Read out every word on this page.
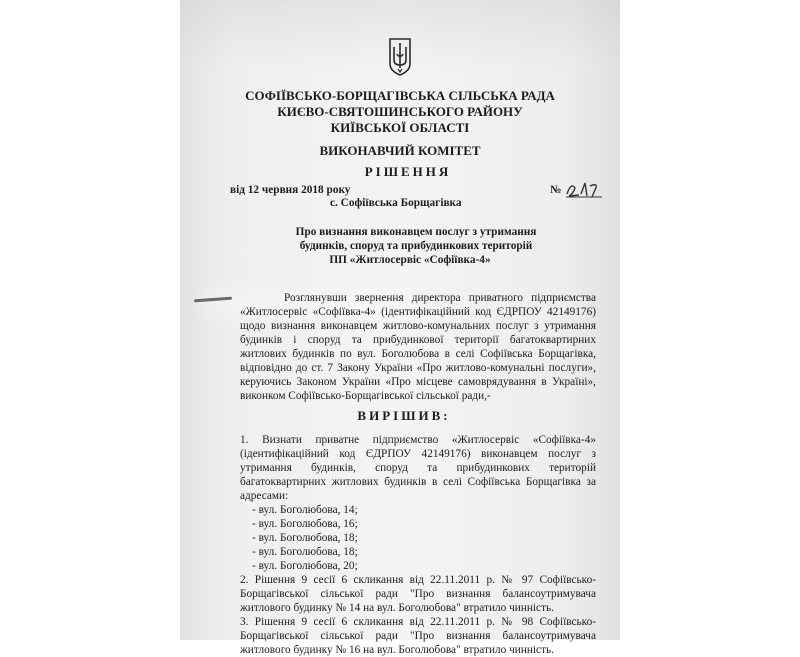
СОФІЇВСЬКО-БОРЩАГІВСЬКА СІЛЬСЬКА РАДА
КИЄВО-СВЯТОШИНСЬКОГО РАЙОНУ
КИЇВСЬКОЇ ОБЛАСТІ
ВИКОНАВЧИЙ КОМІТЕТ
РІШЕННЯ
від 12 червня 2018 року	№
с. Софіївська Борщагівка
Про визнання виконавцем послуг з утримання
будинків, споруд та прибудинкових територій
ПП «Житлосервіс «Софіївка-4»
Розглянувши звернення директора приватного підприємства
«Житлосервіс «Софіївка-4» (ідентифікаційний код ЄДРПОУ 42149176)
щодо визнання виконавцем житлово-комунальних послуг з утримання
будинків і споруд та прибудинкової території багатоквартирних
житлових будинків по вул. Боголюбова в селі Софіївська Борщагівка,
відповідно до ст. 7 Закону України «Про житлово-комунальні послуги»,
керуючись Законом України «Про місцеве самоврядування в Україні»,
виконком Софіївсько-Борщагівської сільської ради,-
ВИРІШИВ:
1. Визнати приватне підприємство «Житлосервіс «Софіївка-4»
(ідентифікаційний код ЄДРПОУ 42149176) виконавцем послуг з
утримання будинків, споруд та прибудинкових територій
багатоквартирних житлових будинків в селі Софіївська Борщагівка за
адресами:
- вул. Боголюбова, 14;
- вул. Боголюбова, 16;
- вул. Боголюбова, 18;
- вул. Боголюбова, 18;
- вул. Боголюбова, 20;
2. Рішення 9 сесії 6 скликання від 22.11.2011 р. № 97 Софіївсько-
Борщагівської сільської ради "Про визнання балансоутримувача
житлового будинку № 14 на вул. Боголюбова" втратило чинність.
3. Рішення 9 сесії 6 скликання від 22.11.2011 р. № 98 Софіївсько-
Борщагівської сільської ради "Про визнання балансоутримувача
житлового будинку № 16 на вул. Боголюбова" втратило чинність.
